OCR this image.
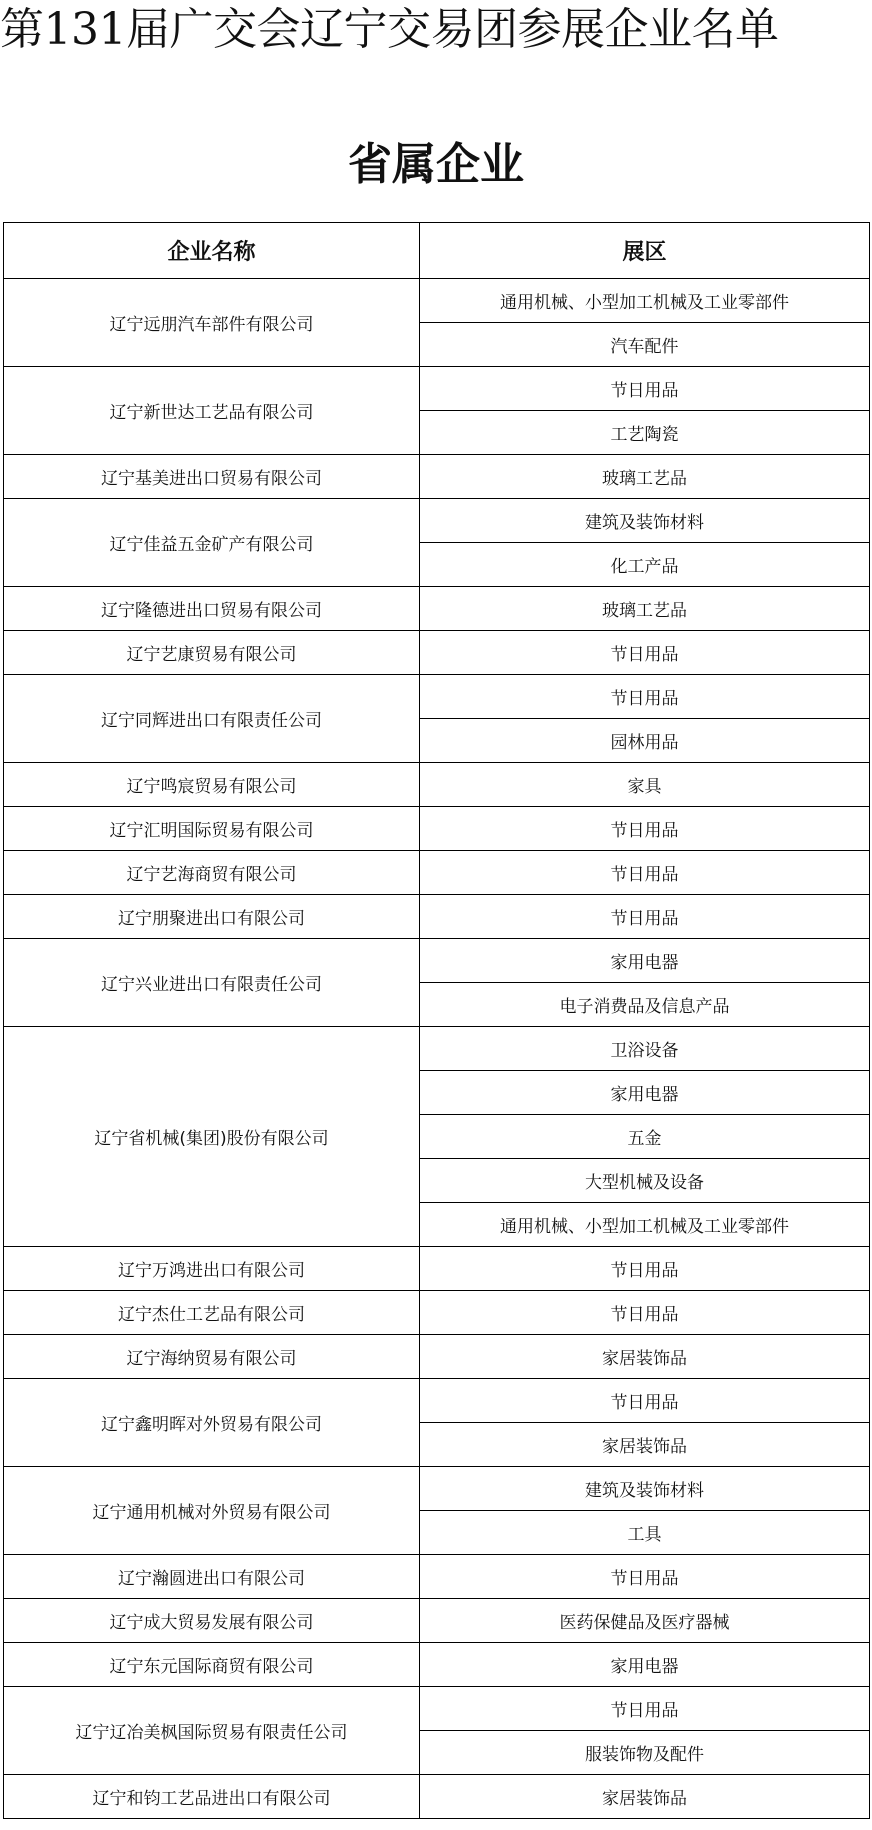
第131届广交会辽宁交易团参展企业名单
省属企业
企业名称	展区
辽宁远朋汽车部件有限公司	通用机械、小型加工机械及工业零部件
	汽车配件
辽宁新世达工艺品有限公司	节日用品
	工艺陶瓷
辽宁基美进出口贸易有限公司	玻璃工艺品
辽宁佳益五金矿产有限公司	建筑及装饰材料
	化工产品
辽宁隆德进出口贸易有限公司	玻璃工艺品
辽宁艺康贸易有限公司	节日用品
辽宁同辉进出口有限责任公司	节日用品
	园林用品
辽宁鸣宸贸易有限公司	家具
辽宁汇明国际贸易有限公司	节日用品
辽宁艺海商贸有限公司	节日用品
辽宁朋聚进出口有限公司	节日用品
辽宁兴业进出口有限责任公司	家用电器
	电子消费品及信息产品
辽宁省机械(集团)股份有限公司	卫浴设备
	家用电器
	五金
	大型机械及设备
	通用机械、小型加工机械及工业零部件
辽宁万鸿进出口有限公司	节日用品
辽宁杰仕工艺品有限公司	节日用品
辽宁海纳贸易有限公司	家居装饰品
辽宁鑫明晖对外贸易有限公司	节日用品
	家居装饰品
辽宁通用机械对外贸易有限公司	建筑及装饰材料
	工具
辽宁瀚圆进出口有限公司	节日用品
辽宁成大贸易发展有限公司	医药保健品及医疗器械
辽宁东元国际商贸有限公司	家用电器
辽宁辽冶美枫国际贸易有限责任公司	节日用品
	服装饰物及配件
辽宁和钧工艺品进出口有限公司	家居装饰品
